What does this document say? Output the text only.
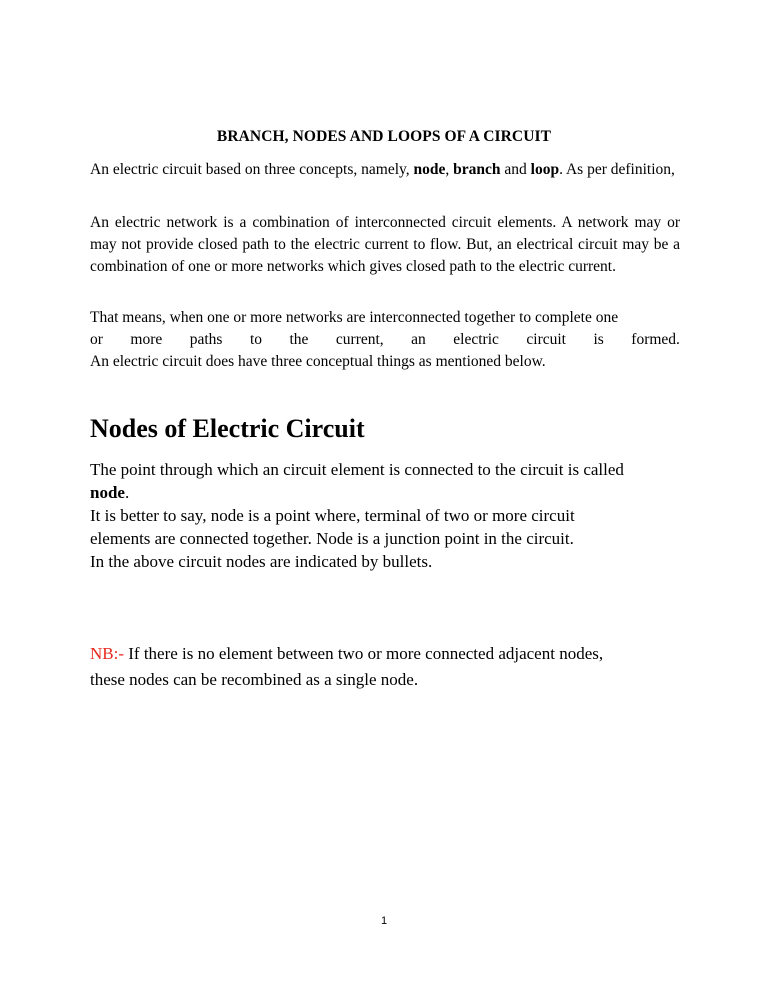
BRANCH, NODES AND LOOPS OF A CIRCUIT
An electric circuit based on three concepts, namely, node, branch and loop. As per definition,
An electric network is a combination of interconnected circuit elements. A network may or may not provide closed path to the electric current to flow. But, an electrical circuit may be a combination of one or more networks which gives closed path to the electric current.
That means, when one or more networks are interconnected together to complete one
or more paths to the current, an electric circuit is formed.
An electric circuit does have three conceptual things as mentioned below.
Nodes of Electric Circuit
The point through which an circuit element is connected to the circuit is called
node.
It is better to say, node is a point where, terminal of two or more circuit
elements are connected together. Node is a junction point in the circuit.
In the above circuit nodes are indicated by bullets.
NB:- If there is no element between two or more connected adjacent nodes,
these nodes can be recombined as a single node.
1
